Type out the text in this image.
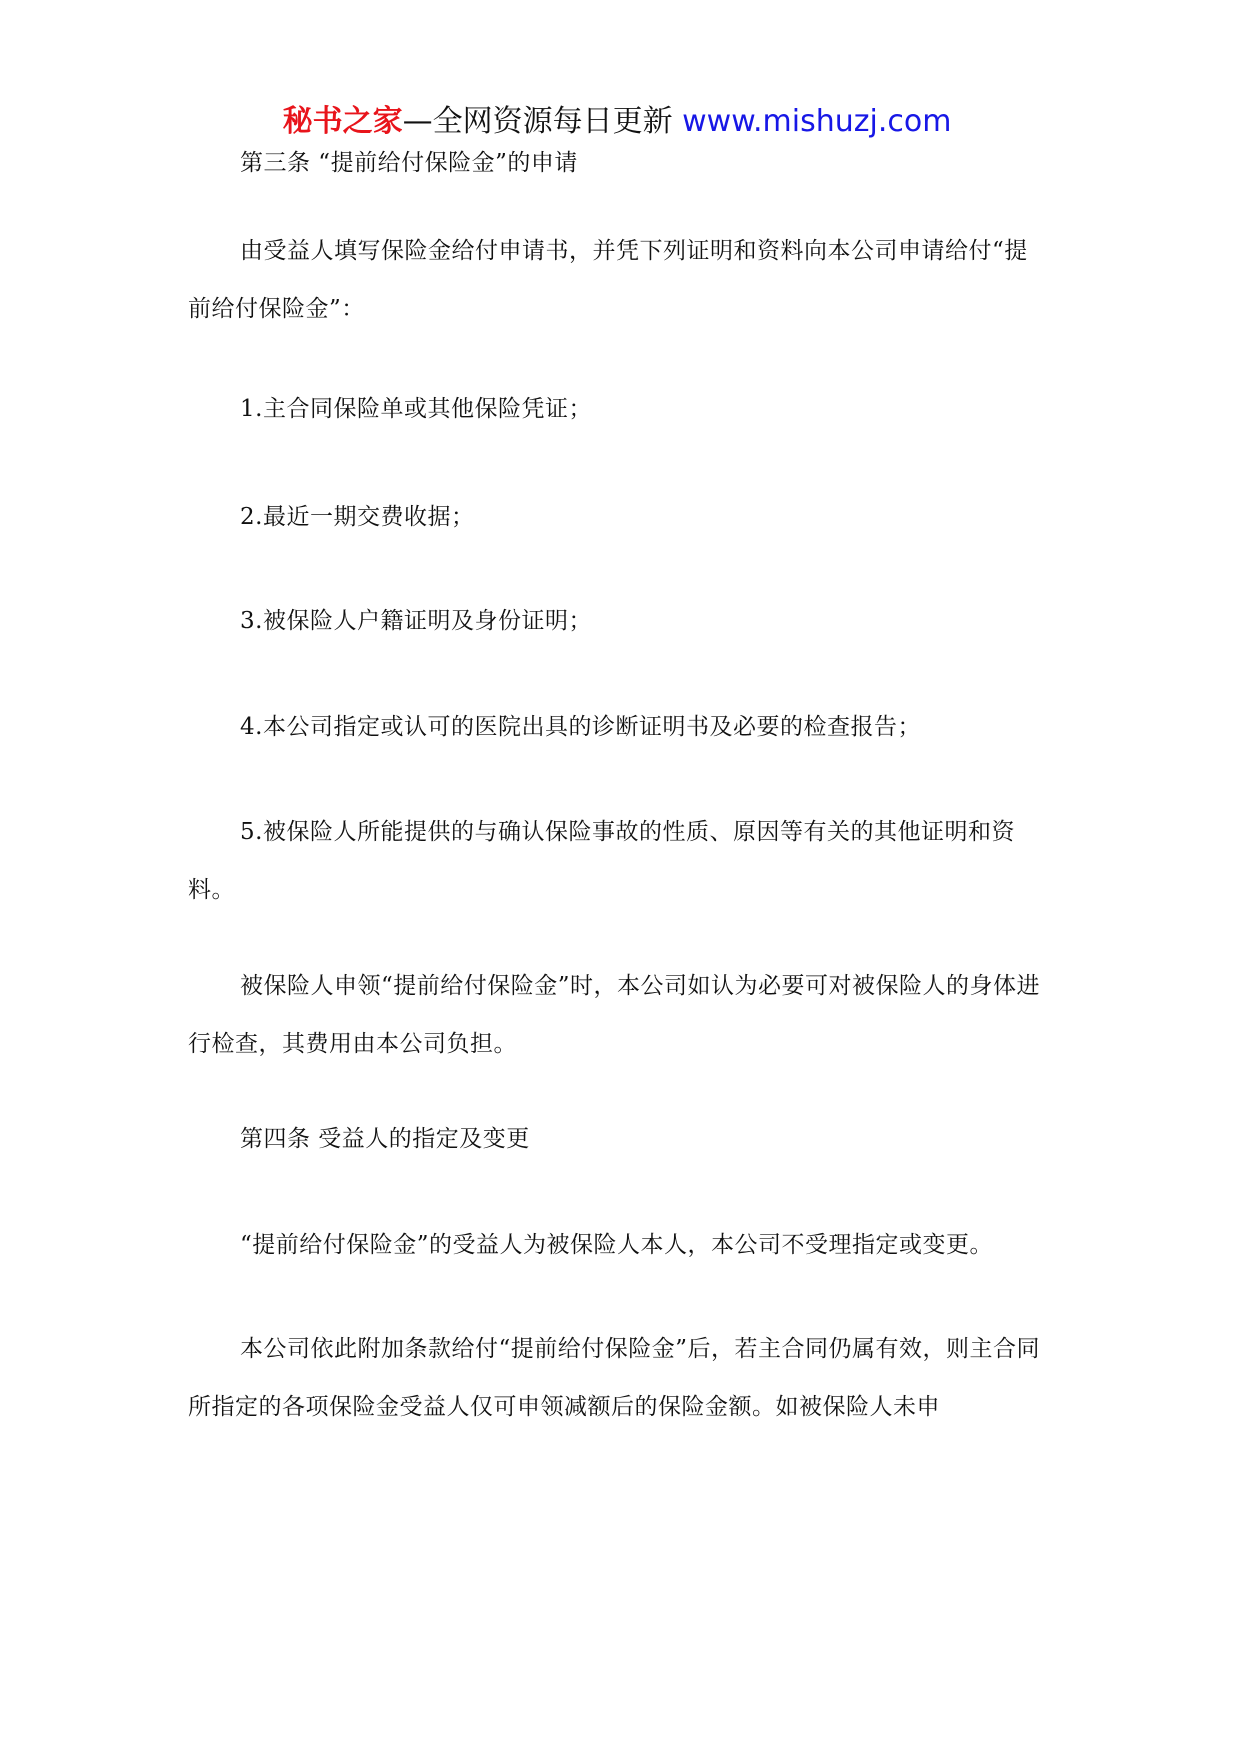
秘书之家—全网资源每日更新 www.mishuzj.com
第三条 “提前给付保险金”的申请
由受益人填写保险金给付申请书，并凭下列证明和资料向本公司申请给付“提前给付保险金”：
1.主合同保险单或其他保险凭证；
2.最近一期交费收据；
3.被保险人户籍证明及身份证明；
4.本公司指定或认可的医院出具的诊断证明书及必要的检查报告；
5.被保险人所能提供的与确认保险事故的性质、原因等有关的其他证明和资料。
被保险人申领“提前给付保险金”时，本公司如认为必要可对被保险人的身体进行检查，其费用由本公司负担。
第四条 受益人的指定及变更
“提前给付保险金”的受益人为被保险人本人，本公司不受理指定或变更。
本公司依此附加条款给付“提前给付保险金”后，若主合同仍属有效，则主合同所指定的各项保险金受益人仅可申领减额后的保险金额。如被保险人未申
